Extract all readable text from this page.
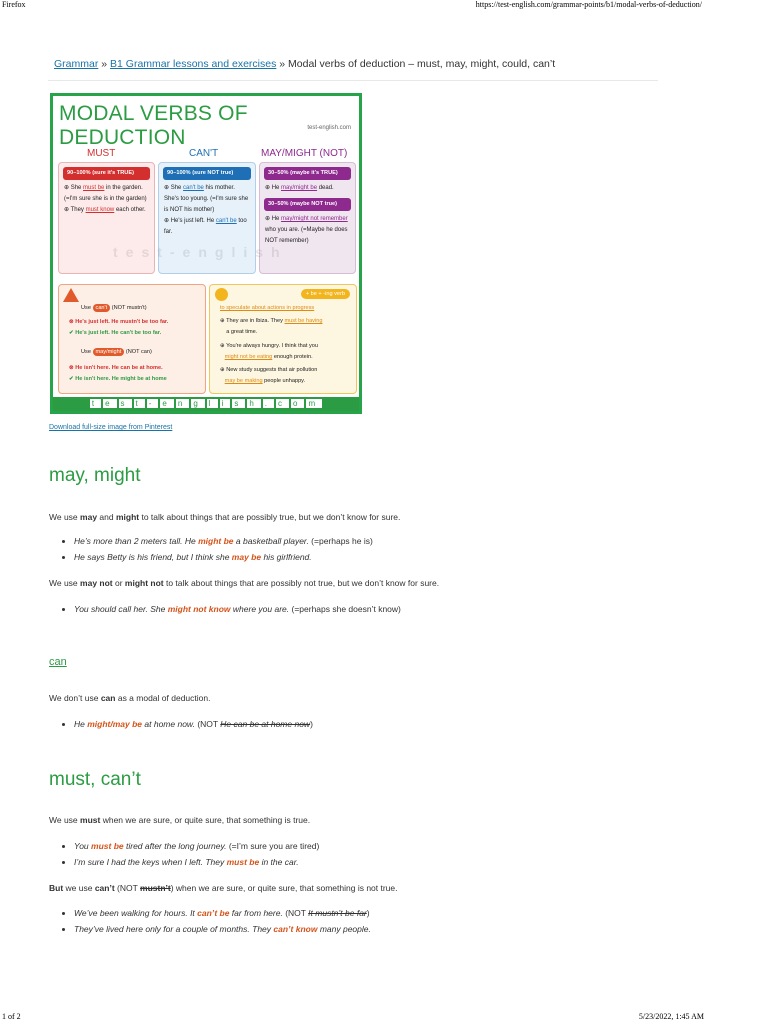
Firefox	https://test-english.com/grammar-points/b1/modal-verbs-of-deduction/
Grammar » B1 Grammar lessons and exercises » Modal verbs of deduction – must, may, might, could, can’t
MODAL VERBS OF DEDUCTION	test-english.com
MUST	CAN'T	MAY/MIGHT (NOT)
90–100% (sure it's TRUE)

⊕ She must be in the garden. (=I'm sure she is in the garden)

⊕ They must know each other.

90–100% (sure NOT true)

⊕ She can't be his mother. She's too young. (=I'm sure she is NOT his mother)

⊕ He's just left. He can't be too far.

30–50% (maybe it's TRUE)

⊕ He may/might be dead.

30–50% (maybe NOT true)

⊕ He may/might not remember who you are. (=Maybe he does NOT remember)

test-english
Use can't (NOT mustn't)
⊗ He's just left. He mustn't be too far.
✔ He's just left. He can't be too far.
Use may/might (NOT can)
⊗ He isn't here. He can be at home.
✔ He isn't here. He might be at home
+ be + -ing verb
to speculate about actions in progress
⊕ They are in Ibiza. They must be having
a great time.
⊕ You're always hungry. I think that you
might not be eating enough protein.
⊕ New study suggests that air pollution
may be making people unhappy.
t e s t - e n g l i s h . c o m
Download full-size image from Pinterest
may, might

We use may and might to talk about things that are possibly true, but we don’t know for sure.

• He’s more than 2 meters tall. He might be a basketball player. (=perhaps he is)
• He says Betty is his friend, but I think she may be his girlfriend.

We use may not or might not to talk about things that are possibly not true, but we don’t know for sure.

• You should call her. She might not know where you are. (=perhaps she doesn’t know)
can

We don’t use can as a modal of deduction.

• He might/may be at home now. (NOT He can be at home now)
must, can’t

We use must when we are sure, or quite sure, that something is true.

• You must be tired after the long journey. (=I’m sure you are tired)
• I’m sure I had the keys when I left. They must be in the car.

But we use can’t (NOT mustn’t) when we are sure, or quite sure, that something is not true.

• We’ve been walking for hours. It can’t be far from here. (NOT It mustn’t be far)
• They’ve lived here only for a couple of months. They can’t know many people.
1 of 2	5/23/2022, 1:45 AM
